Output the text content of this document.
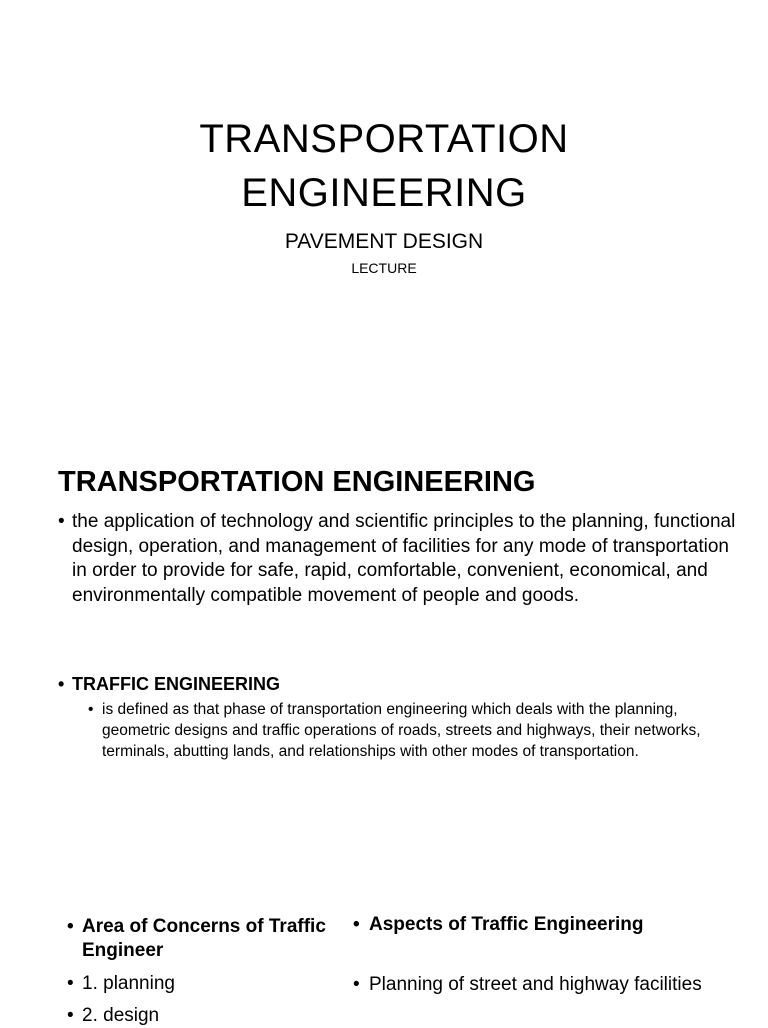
TRANSPORTATION
ENGINEERING
PAVEMENT DESIGN
LECTURE
TRANSPORTATION ENGINEERING
• the application of technology and scientific principles to the planning, functional design, operation, and management of facilities for any mode of transportation in order to provide for safe, rapid, comfortable, convenient, economical, and environmentally compatible movement of people and goods.
• TRAFFIC ENGINEERING
• is defined as that phase of transportation engineering which deals with the planning, geometric designs and traffic operations of roads, streets and highways, their networks, terminals, abutting lands, and relationships with other modes of transportation.
• Area of Concerns of Traffic Engineer
• 1. planning
• 2. design
• Aspects of Traffic Engineering
• Planning of street and highway facilities
